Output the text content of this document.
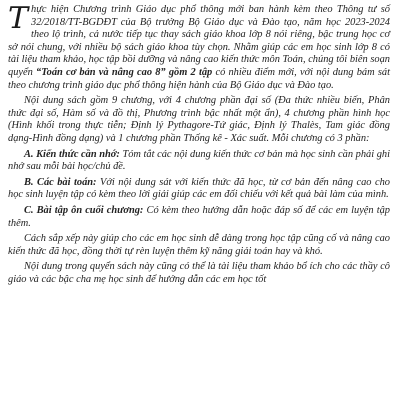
Thực hiện Chương trình Giáo dục phổ thông mới ban hành kèm theo Thông tư số 32/2018/TT-BGDĐT của Bộ trưởng Bộ Giáo dục và Đào tạo, năm học 2023-2024 theo lộ trình, cả nước tiếp tục thay sách giáo khoa lớp 8 nói riêng, bậc trung học cơ sở nói chung, với nhiều bộ sách giáo khoa tùy chọn. Nhằm giúp các em học sinh lớp 8 có tài liệu tham khảo, học tập bồi dưỡng và nâng cao kiến thức môn Toán, chúng tôi biên soạn quyển “Toán cơ bản và nâng cao 8” gồm 2 tập có nhiều điểm mới, với nội dung bám sát theo chương trình giáo dục phổ thông hiện hành của Bộ Giáo dục và Đào tạo.

Nội dung sách gồm 9 chương, với 4 chương phần đại số (Đa thức nhiều biến, Phân thức đại số, Hàm số và đồ thị, Phương trình bậc nhất một ẩn), 4 chương phần hình học (Hình khối trong thực tiễn; Định lý Pythagore-Tứ giác, Định lý Thalès, Tam giác đồng dạng-Hình đồng dạng) và 1 chương phần Thống kê - Xác suất. Mỗi chương có 3 phần:

A. Kiến thức cần nhớ: Tóm tắt các nội dung kiến thức cơ bản mà học sinh cần phải ghi nhớ sau mỗi bài học/chủ đề.

B. Các bài toán: Với nội dung sát với kiến thức đã học, từ cơ bản đến nâng cao cho học sinh luyện tập có kèm theo lời giải giúp các em đối chiếu với kết quả bài làm của mình.

C. Bài tập ôn cuối chương: Có kèm theo hướng dẫn hoặc đáp số để các em luyện tập thêm.

Cách sắp xếp này giúp cho các em học sinh dễ dàng trong học tập cũng cố và nâng cao kiến thức đã học, đồng thời tự rèn luyện thêm kỹ năng giải toán hay và khó.

Nội dung trong quyển sách này cũng có thể là tài liệu tham khảo bổ ích cho các thầy cô giáo và các bậc cha mẹ học sinh để hướng dẫn các em học tốt
